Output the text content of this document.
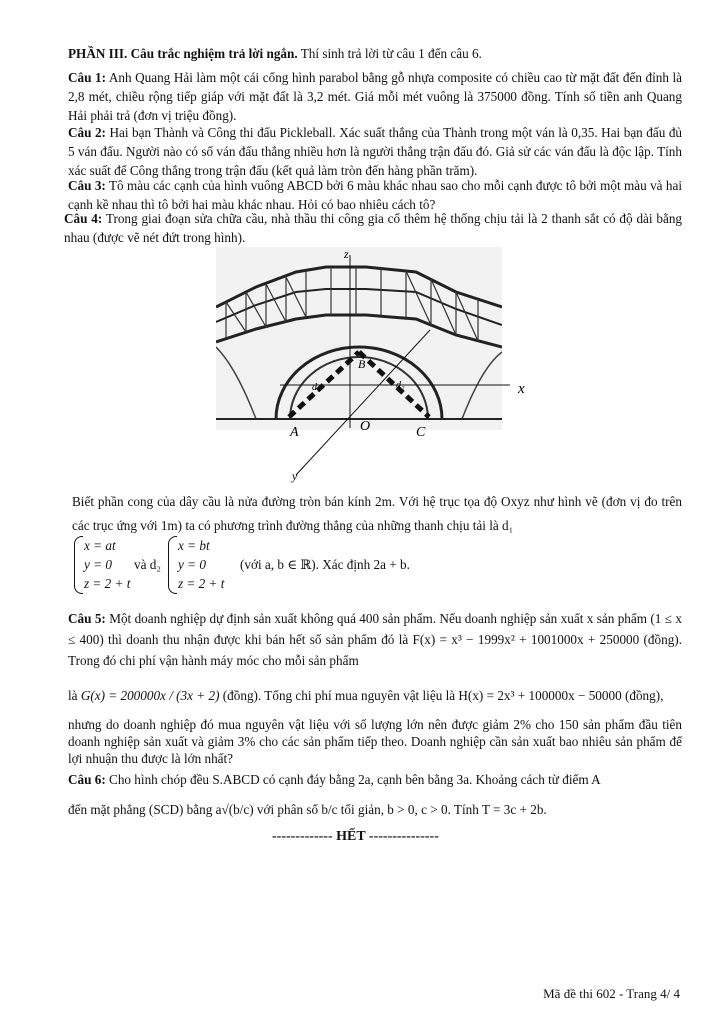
PHẦN III. Câu trắc nghiệm trả lời ngắn. Thí sinh trả lời từ câu 1 đến câu 6.
Câu 1: Anh Quang Hải làm một cái cổng hình parabol bằng gỗ nhựa composite có chiều cao từ mặt đất đến đỉnh là 2,8 mét, chiều rộng tiếp giáp với mặt đất là 3,2 mét. Giá mỗi mét vuông là 375000 đồng. Tính số tiền anh Quang Hải phải trả (đơn vị triệu đồng).
Câu 2: Hai bạn Thành và Công thi đấu Pickleball. Xác suất thắng của Thành trong một ván là 0,35. Hai bạn đấu đủ 5 ván đấu. Người nào có số ván đấu thắng nhiều hơn là người thắng trận đấu đó. Giả sử các ván đấu là độc lập. Tính xác suất để Công thắng trong trận đấu (kết quả làm tròn đến hàng phần trăm).
Câu 3: Tô màu các cạnh của hình vuông ABCD bởi 6 màu khác nhau sao cho mỗi cạnh được tô bởi một màu và hai cạnh kề nhau thì tô bởi hai màu khác nhau. Hỏi có bao nhiêu cách tô?
Câu 4: Trong giai đoạn sửa chữa cầu, nhà thầu thi công gia cố thêm hệ thống chịu tải là 2 thanh sắt có độ dài bằng nhau (được vẽ nét đứt trong hình).
z
x
y
A	O	C
B
d₁	d₂
Biết phần cong của dây cầu là nửa đường tròn bán kính 2m. Với hệ trục tọa độ Oxyz như hình vẽ (đơn vị đo trên các trục ứng với 1m) ta có phương trình đường thẳng của những thanh chịu tải là d₁
x = at
y = 0
z = 2 + t
và d₂
x = bt
y = 0
z = 2 + t
(với a, b ∈ ℝ). Xác định 2a + b.
Câu 5: Một doanh nghiệp dự định sản xuất không quá 400 sản phẩm. Nếu doanh nghiệp sản xuất x sản phẩm (1 ≤ x ≤ 400) thì doanh thu nhận được khi bán hết số sản phẩm đó là F(x) = x³ − 1999x² + 1001000x + 250000 (đồng). Trong đó chi phí vận hành máy móc cho mỗi sản phẩm
là G(x) = 200000x / (3x + 2) (đồng). Tổng chi phí mua nguyên vật liệu là H(x) = 2x³ + 100000x − 50000 (đồng),
nhưng do doanh nghiệp đó mua nguyên vật liệu với số lượng lớn nên được giảm 2% cho 150 sản phẩm đầu tiên doanh nghiệp sản xuất và giảm 3% cho các sản phẩm tiếp theo. Doanh nghiệp cần sản xuất bao nhiêu sản phẩm để lợi nhuận thu được là lớn nhất?
Câu 6: Cho hình chóp đều S.ABCD có cạnh đáy bằng 2a, cạnh bên bằng 3a. Khoảng cách từ điểm A
đến mặt phẳng (SCD) bằng a√(b/c) với phân số b/c tối giản, b > 0, c > 0. Tính T = 3c + 2b.
------------- HẾT ---------------
Mã đề thi 602 - Trang 4/ 4
